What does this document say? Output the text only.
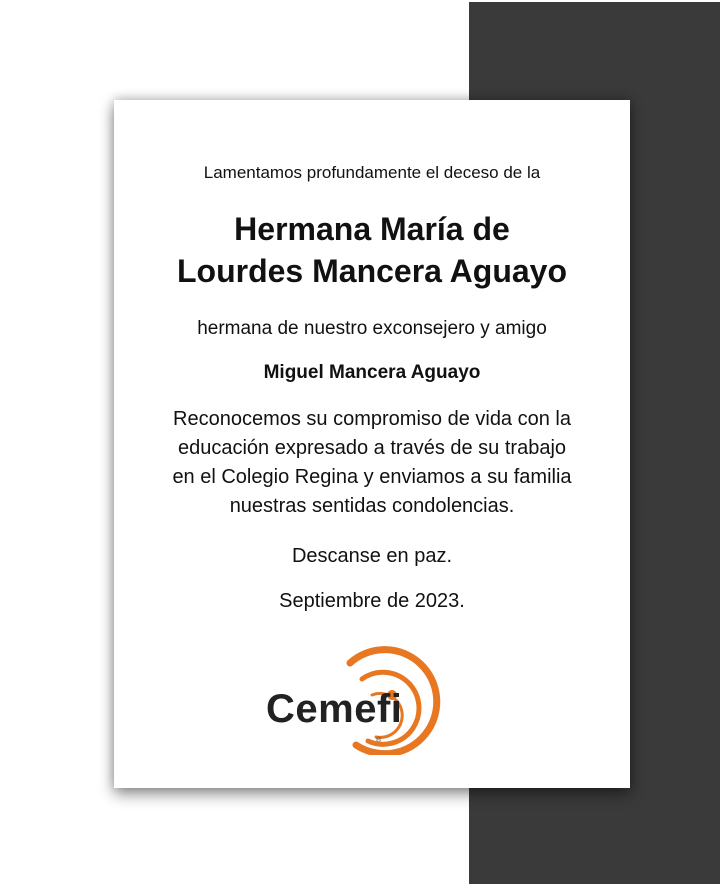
Lamentamos profundamente el deceso de la

Hermana María de
Lourdes Mancera Aguayo

hermana de nuestro exconsejero y amigo

Miguel Mancera Aguayo

Reconocemos su compromiso de vida con la
educación expresado a través de su trabajo
en el Colegio Regina y enviamos a su familia
nuestras sentidas condolencias.

Descanse en paz.

Septiembre de 2023.

Cemefi
®
